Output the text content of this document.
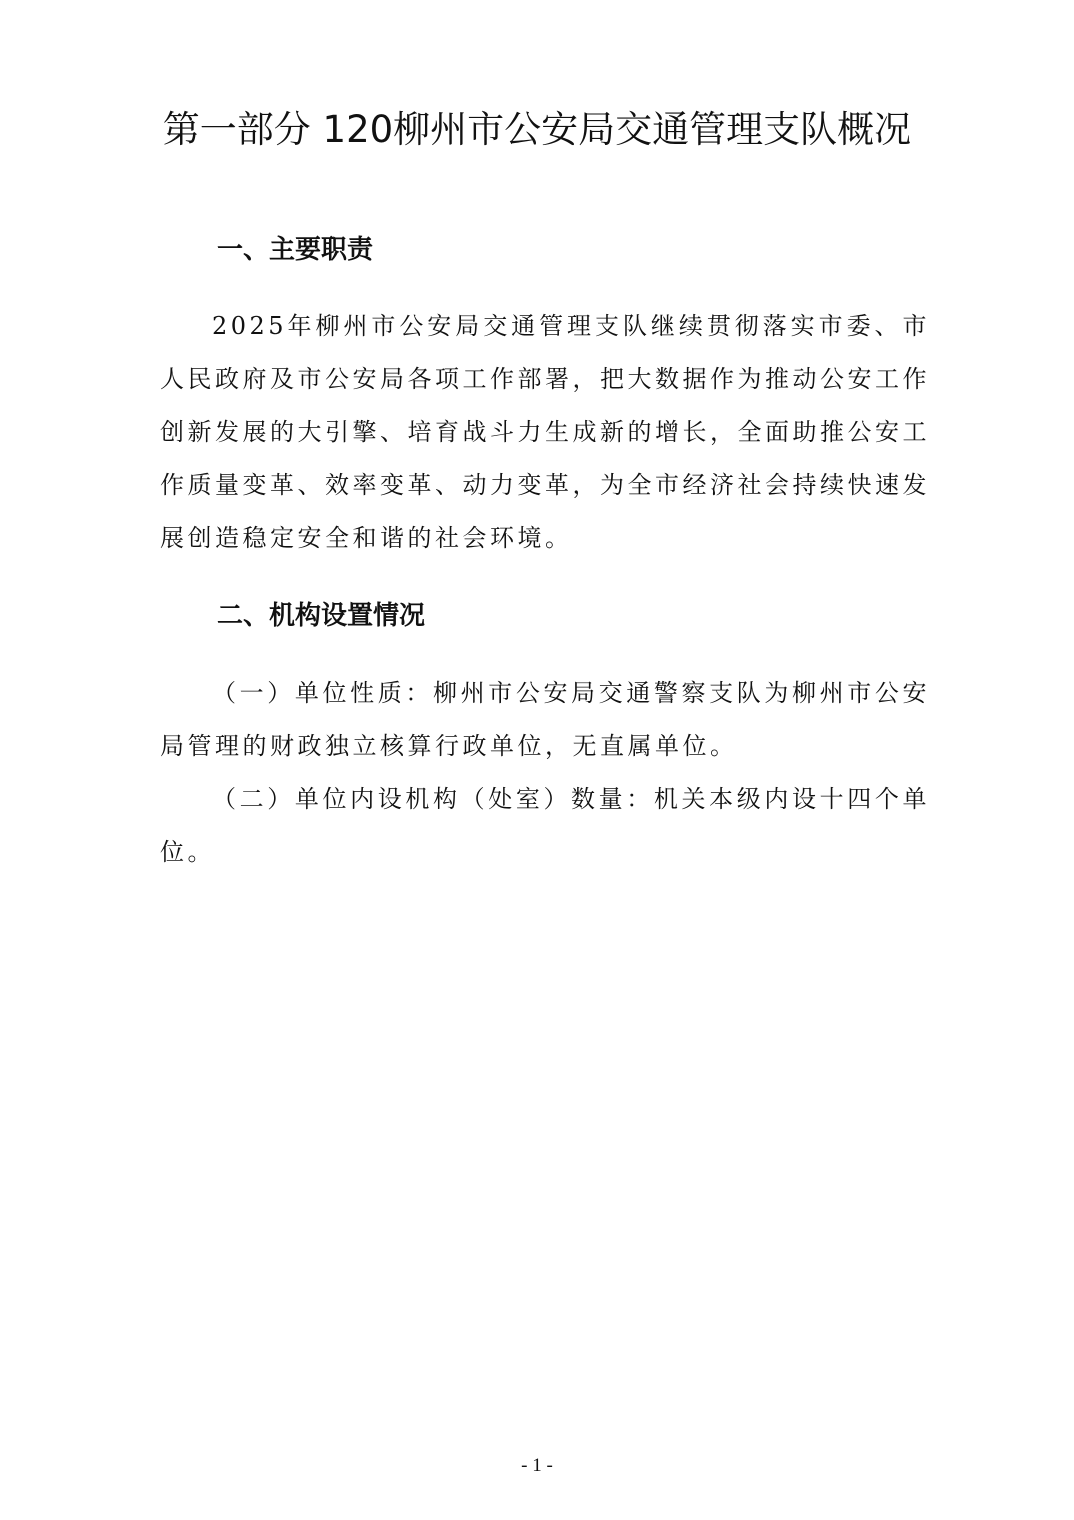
第一部分 120柳州市公安局交通管理支队概况
一、主要职责

2025年柳州市公安局交通管理支队继续贯彻落实市委、市人民政府及市公安局各项工作部署，把大数据作为推动公安工作创新发展的大引擎、培育战斗力生成新的增长，全面助推公安工作质量变革、效率变革、动力变革，为全市经济社会持续快速发展创造稳定安全和谐的社会环境。

二、机构设置情况

（一）单位性质：柳州市公安局交通警察支队为柳州市公安局管理的财政独立核算行政单位，无直属单位。

（二）单位内设机构（处室）数量：机关本级内设十四个单位。

- 1 -
